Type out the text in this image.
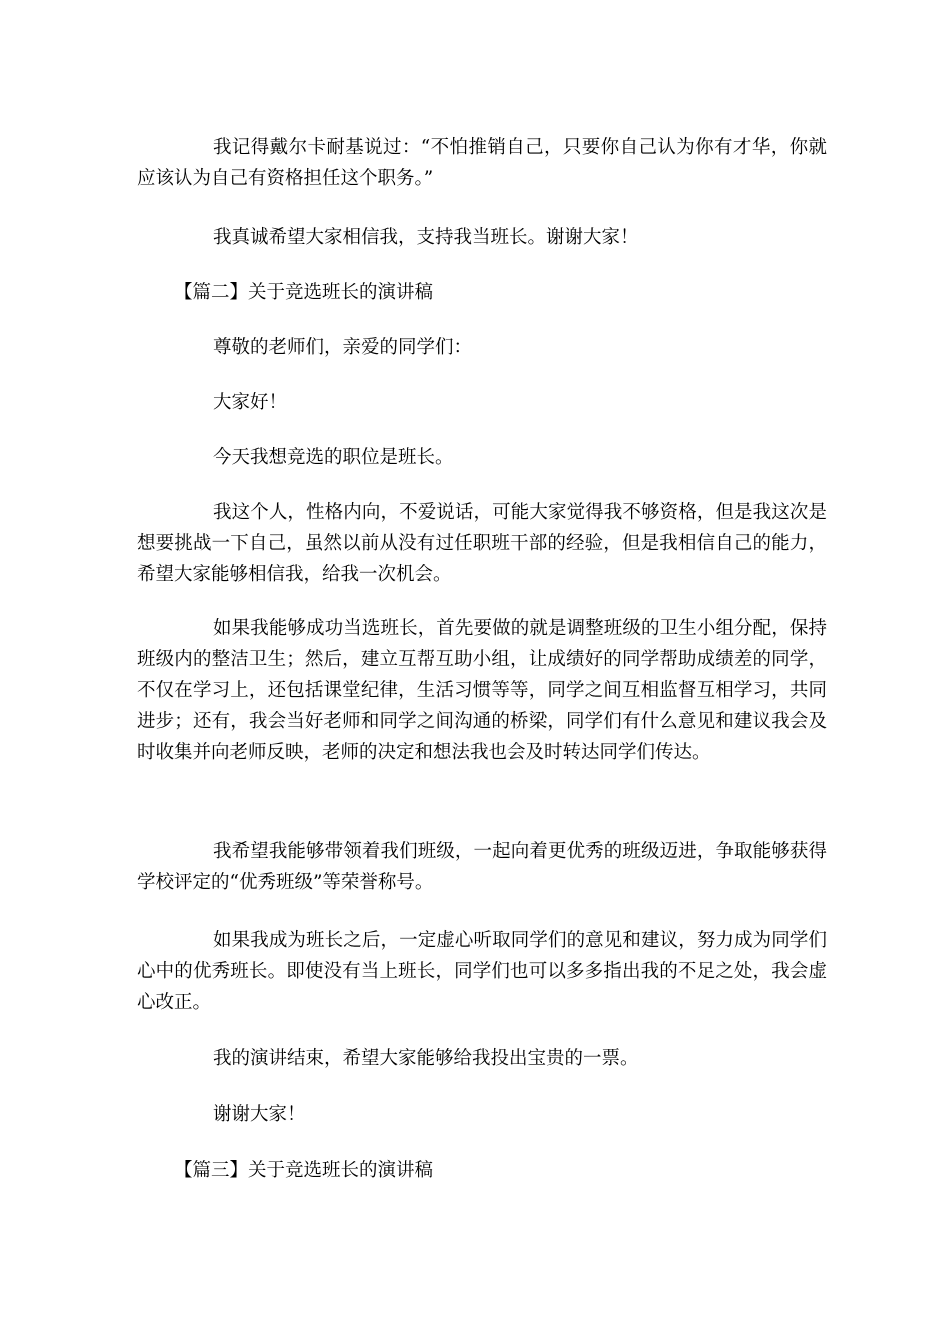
我记得戴尔卡耐基说过：“不怕推销自己，只要你自己认为你有才华，你就应该认为自己有资格担任这个职务。”

我真诚希望大家相信我，支持我当班长。谢谢大家！

【篇二】关于竞选班长的演讲稿

尊敬的老师们，亲爱的同学们：

大家好！

今天我想竞选的职位是班长。

我这个人，性格内向，不爱说话，可能大家觉得我不够资格，但是我这次是想要挑战一下自己，虽然以前从没有过任职班干部的经验，但是我相信自己的能力，希望大家能够相信我，给我一次机会。

如果我能够成功当选班长，首先要做的就是调整班级的卫生小组分配，保持班级内的整洁卫生；然后，建立互帮互助小组，让成绩好的同学帮助成绩差的同学，不仅在学习上，还包括课堂纪律，生活习惯等等，同学之间互相监督互相学习，共同进步；还有，我会当好老师和同学之间沟通的桥梁，同学们有什么意见和建议我会及时收集并向老师反映，老师的决定和想法我也会及时转达同学们传达。

我希望我能够带领着我们班级，一起向着更优秀的班级迈进，争取能够获得学校评定的“优秀班级”等荣誉称号。

如果我成为班长之后，一定虚心听取同学们的意见和建议，努力成为同学们心中的优秀班长。即使没有当上班长，同学们也可以多多指出我的不足之处，我会虚心改正。

我的演讲结束，希望大家能够给我投出宝贵的一票。

谢谢大家！

【篇三】关于竞选班长的演讲稿
